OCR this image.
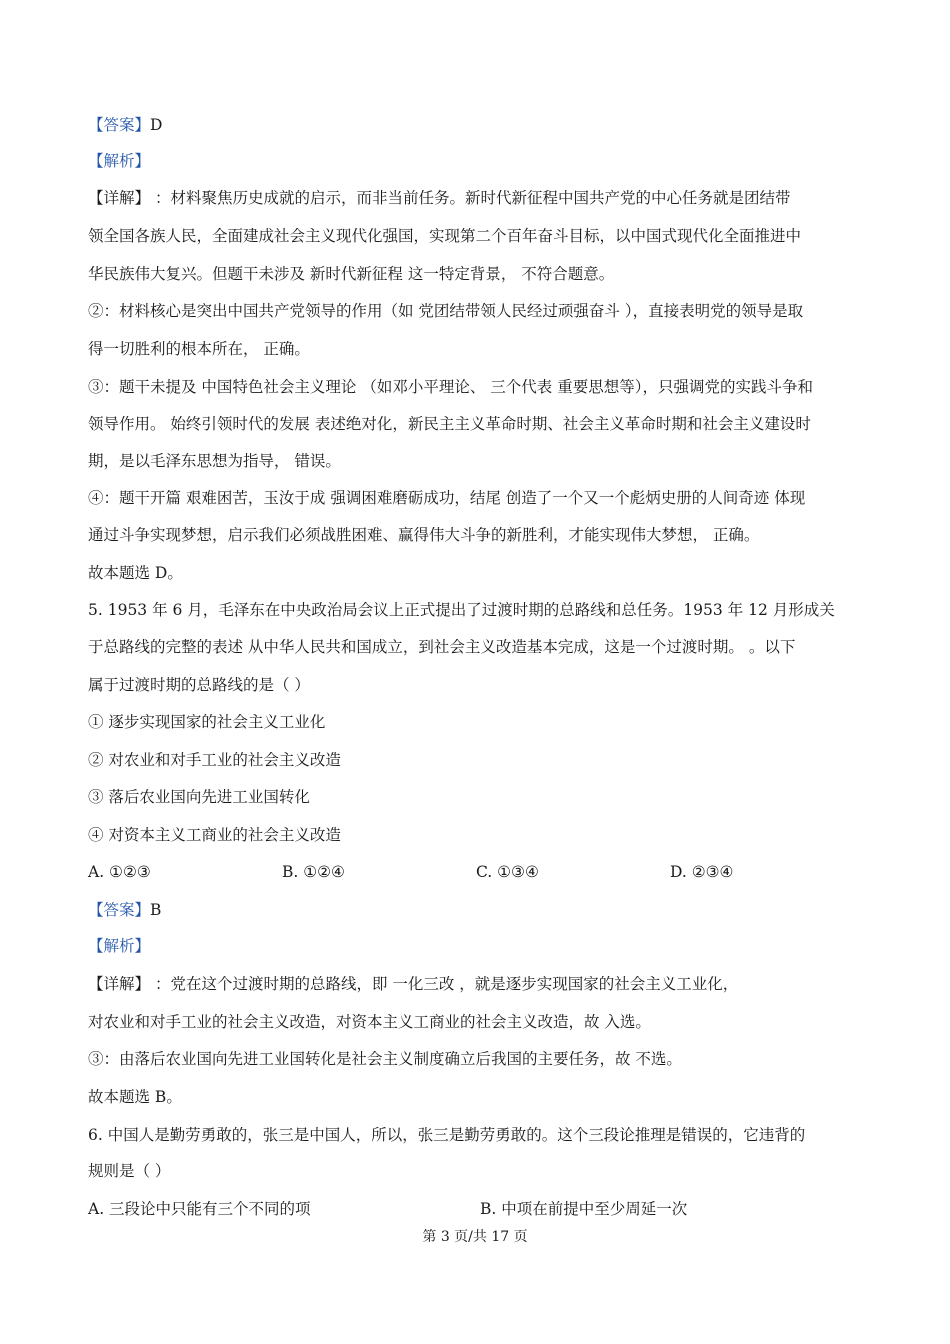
【答案】D
【解析】
【详解】 ：材料聚焦历史成就的启示，而非当前任务。新时代新征程中国共产党的中心任务就是团结带
领全国各族人民，全面建成社会主义现代化强国，实现第二个百年奋斗目标，以中国式现代化全面推进中
华民族伟大复兴。但题干未涉及 新时代新征程 这一特定背景， 不符合题意。
②：材料核心是突出中国共产党领导的作用（如 党团结带领人民经过顽强奋斗 ），直接表明党的领导是取
得一切胜利的根本所在， 正确。
③：题干未提及 中国特色社会主义理论 （如邓小平理论、 三个代表 重要思想等），只强调党的实践斗争和
领导作用。 始终引领时代的发展 表述绝对化，新民主主义革命时期、社会主义革命时期和社会主义建设时
期，是以毛泽东思想为指导， 错误。
④：题干开篇 艰难困苦，玉汝于成 强调困难磨砺成功，结尾 创造了一个又一个彪炳史册的人间奇迹 体现
通过斗争实现梦想，启示我们必须战胜困难、赢得伟大斗争的新胜利，才能实现伟大梦想， 正确。
故本题选 D。
5. 1953 年 6 月，毛泽东在中央政治局会议上正式提出了过渡时期的总路线和总任务。1953 年 12 月形成关
于总路线的完整的表述 从中华人民共和国成立，到社会主义改造基本完成，这是一个过渡时期。 。以下
属于过渡时期的总路线的是（ ）
① 逐步实现国家的社会主义工业化
② 对农业和对手工业的社会主义改造
③ 落后农业国向先进工业国转化
④ 对资本主义工商业的社会主义改造
A. ①②③	B. ①②④	C. ①③④	D. ②③④
【答案】B
【解析】
【详解】 ：党在这个过渡时期的总路线，即 一化三改 ，就是逐步实现国家的社会主义工业化，
对农业和对手工业的社会主义改造，对资本主义工商业的社会主义改造，故 入选。
③：由落后农业国向先进工业国转化是社会主义制度确立后我国的主要任务，故 不选。
故本题选 B。
6. 中国人是勤劳勇敢的，张三是中国人，所以，张三是勤劳勇敢的。这个三段论推理是错误的，它违背的
规则是（ ）
A. 三段论中只能有三个不同的项	B. 中项在前提中至少周延一次
第 3 页/共 17 页
